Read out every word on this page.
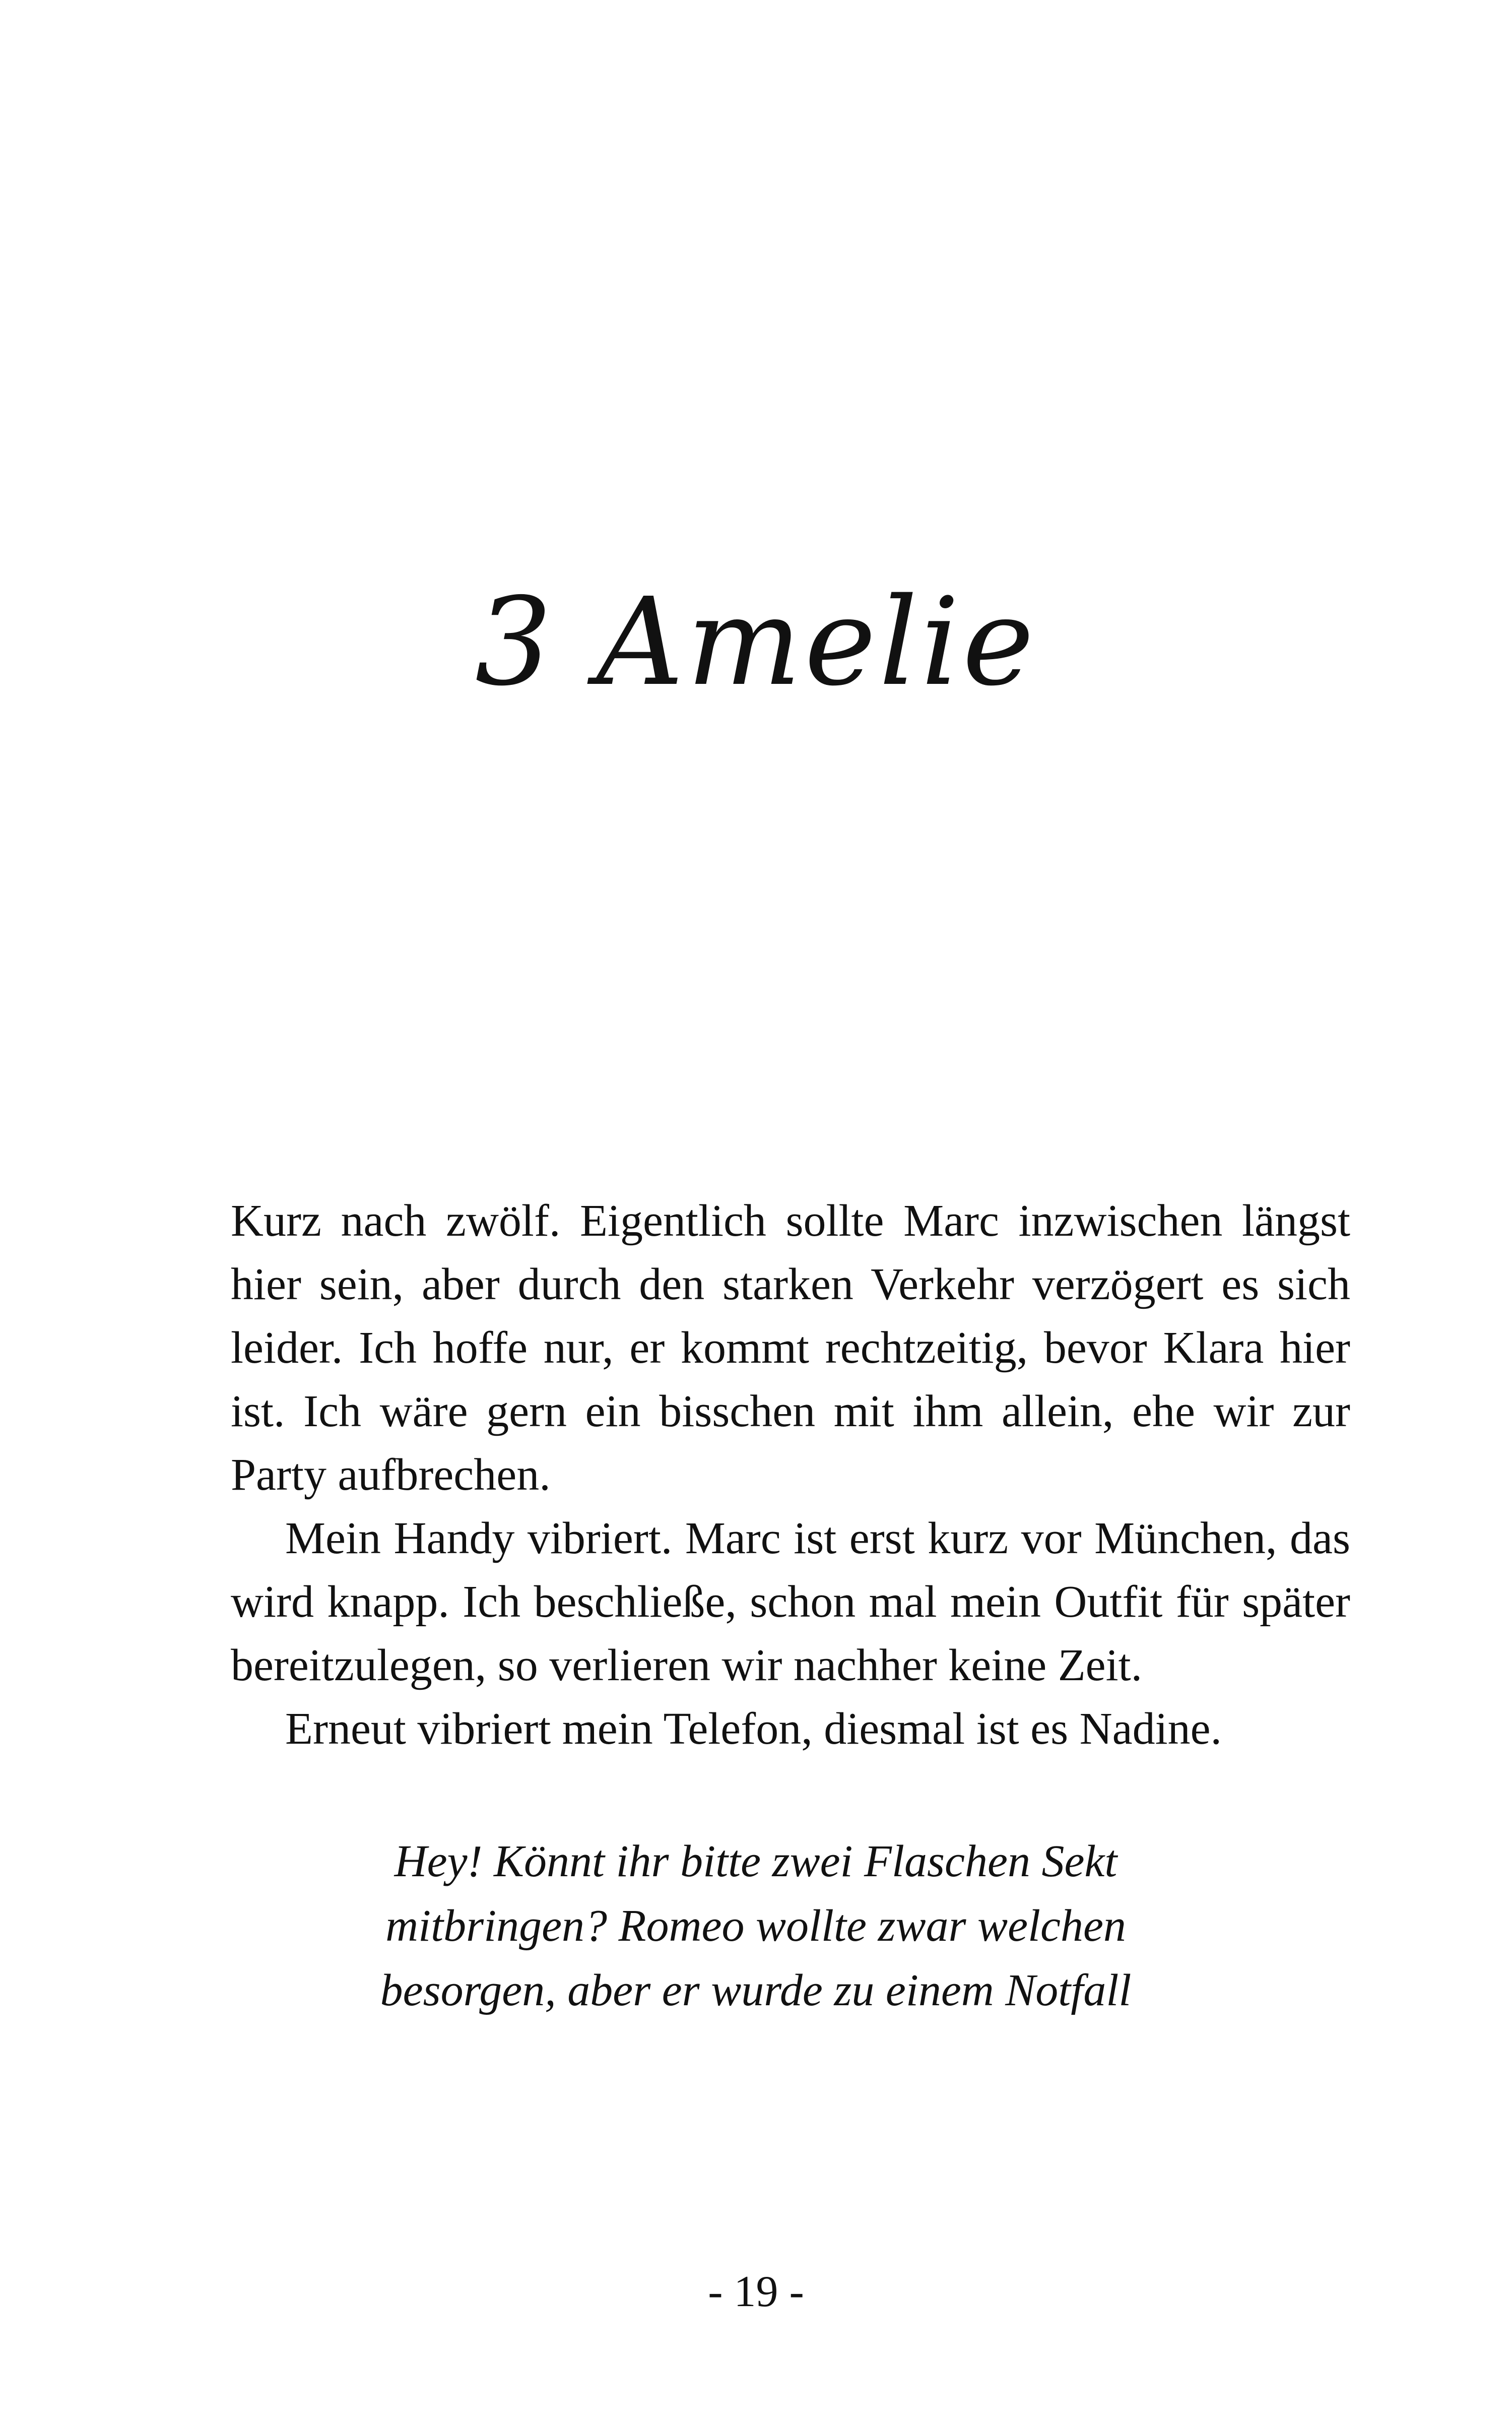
3 Amelie

Kurz nach zwölf. Eigentlich sollte Marc inzwischen längst hier sein, aber durch den starken Verkehr verzögert es sich leider. Ich hoffe nur, er kommt rechtzeitig, bevor Klara hier ist. Ich wäre gern ein bisschen mit ihm allein, ehe wir zur Party aufbrechen.

Mein Handy vibriert. Marc ist erst kurz vor München, das wird knapp. Ich beschließe, schon mal mein Outfit für später bereitzulegen, so verlieren wir nachher keine Zeit.

Erneut vibriert mein Telefon, diesmal ist es Nadine.

Hey! Könnt ihr bitte zwei Flaschen Sekt
mitbringen? Romeo wollte zwar welchen
besorgen, aber er wurde zu einem Notfall
- 19 -
